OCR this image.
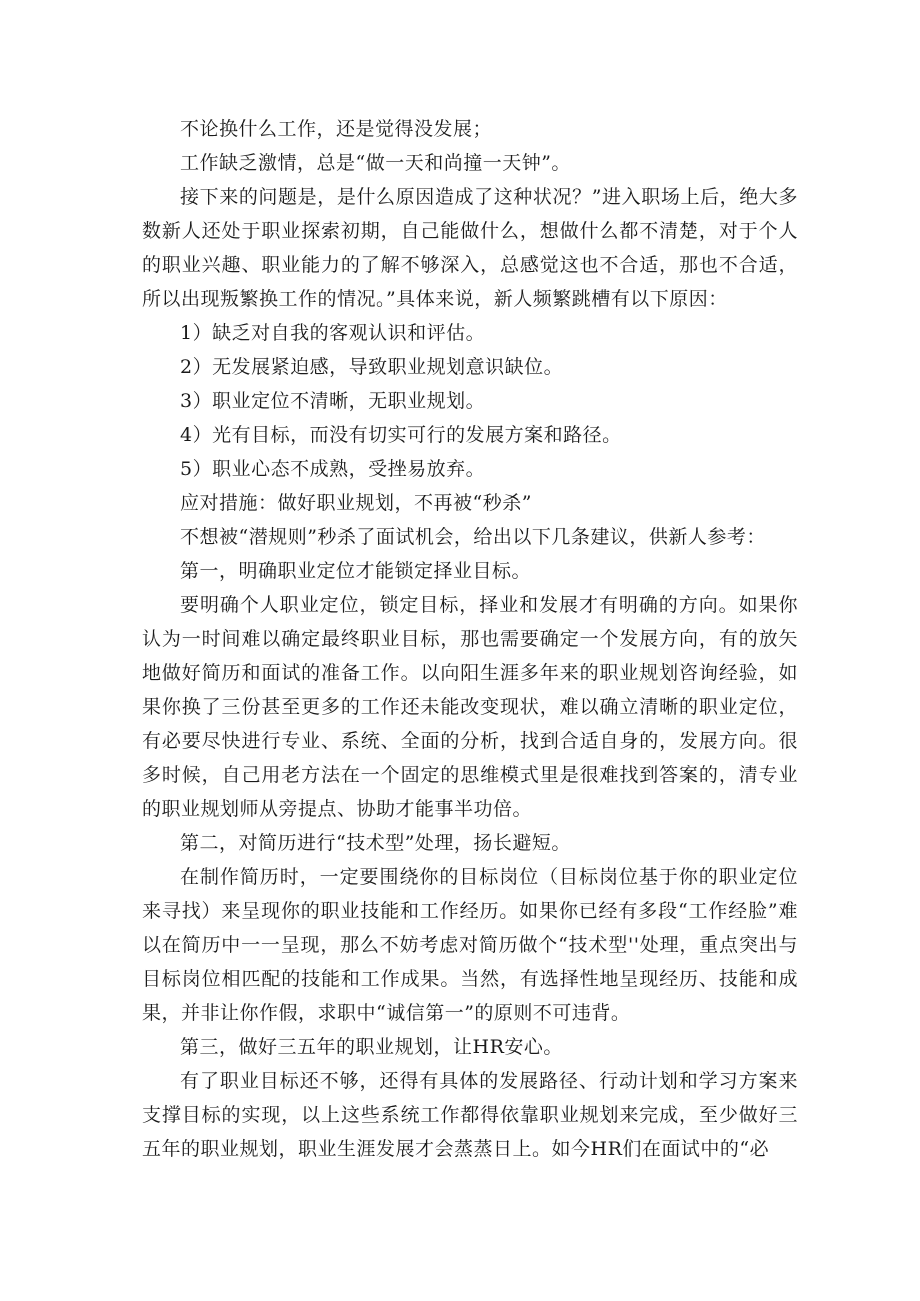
不论换什么工作，还是觉得没发展；

工作缺乏激情，总是“做一天和尚撞一天钟”。

接下来的问题是，是什么原因造成了这种状况？”进入职场上后，绝大多数新人还处于职业探索初期，自己能做什么，想做什么都不清楚，对于个人的职业兴趣、职业能力的了解不够深入，总感觉这也不合适，那也不合适，所以出现叛繁换工作的情况。”具体来说，新人频繁跳槽有以下原因：

1）缺乏对自我的客观认识和评估。

2）无发展紧迫感，导致职业规划意识缺位。

3）职业定位不清晰，无职业规划。

4）光有目标，而没有切实可行的发展方案和路径。

5）职业心态不成熟，受挫易放弃。

应对措施：做好职业规划，不再被“秒杀”

不想被“潜规则”秒杀了面试机会，给出以下几条建议，供新人参考：

第一，明确职业定位才能锁定择业目标。

要明确个人职业定位，锁定目标，择业和发展才有明确的方向。如果你认为一时间难以确定最终职业目标，那也需要确定一个发展方向，有的放矢地做好简历和面试的准备工作。以向阳生涯多年来的职业规划咨询经验，如果你换了三份甚至更多的工作还未能改变现状，难以确立清晰的职业定位，有必要尽快进行专业、系统、全面的分析，找到合适自身的，发展方向。很多时候，自己用老方法在一个固定的思维模式里是很难找到答案的，清专业的职业规划师从旁提点、协助才能事半功倍。

第二，对简历进行“技术型”处理，扬长避短。

在制作简历时，一定要围绕你的目标岗位（目标岗位基于你的职业定位来寻找）来呈现你的职业技能和工作经历。如果你已经有多段“工作经脸”难以在简历中一一呈现，那么不妨考虑对简历做个“技术型''处理，重点突出与目标岗位相匹配的技能和工作成果。当然，有选择性地呈现经历、技能和成果，并非让你作假，求职中“诚信第一”的原则不可违背。

第三，做好三五年的职业规划，让HR安心。

有了职业目标还不够，还得有具体的发展路径、行动计划和学习方案来支撑目标的实现，以上这些系统工作都得依靠职业规划来完成，至少做好三五年的职业规划，职业生涯发展才会蒸蒸日上。如今HR们在面试中的“必
